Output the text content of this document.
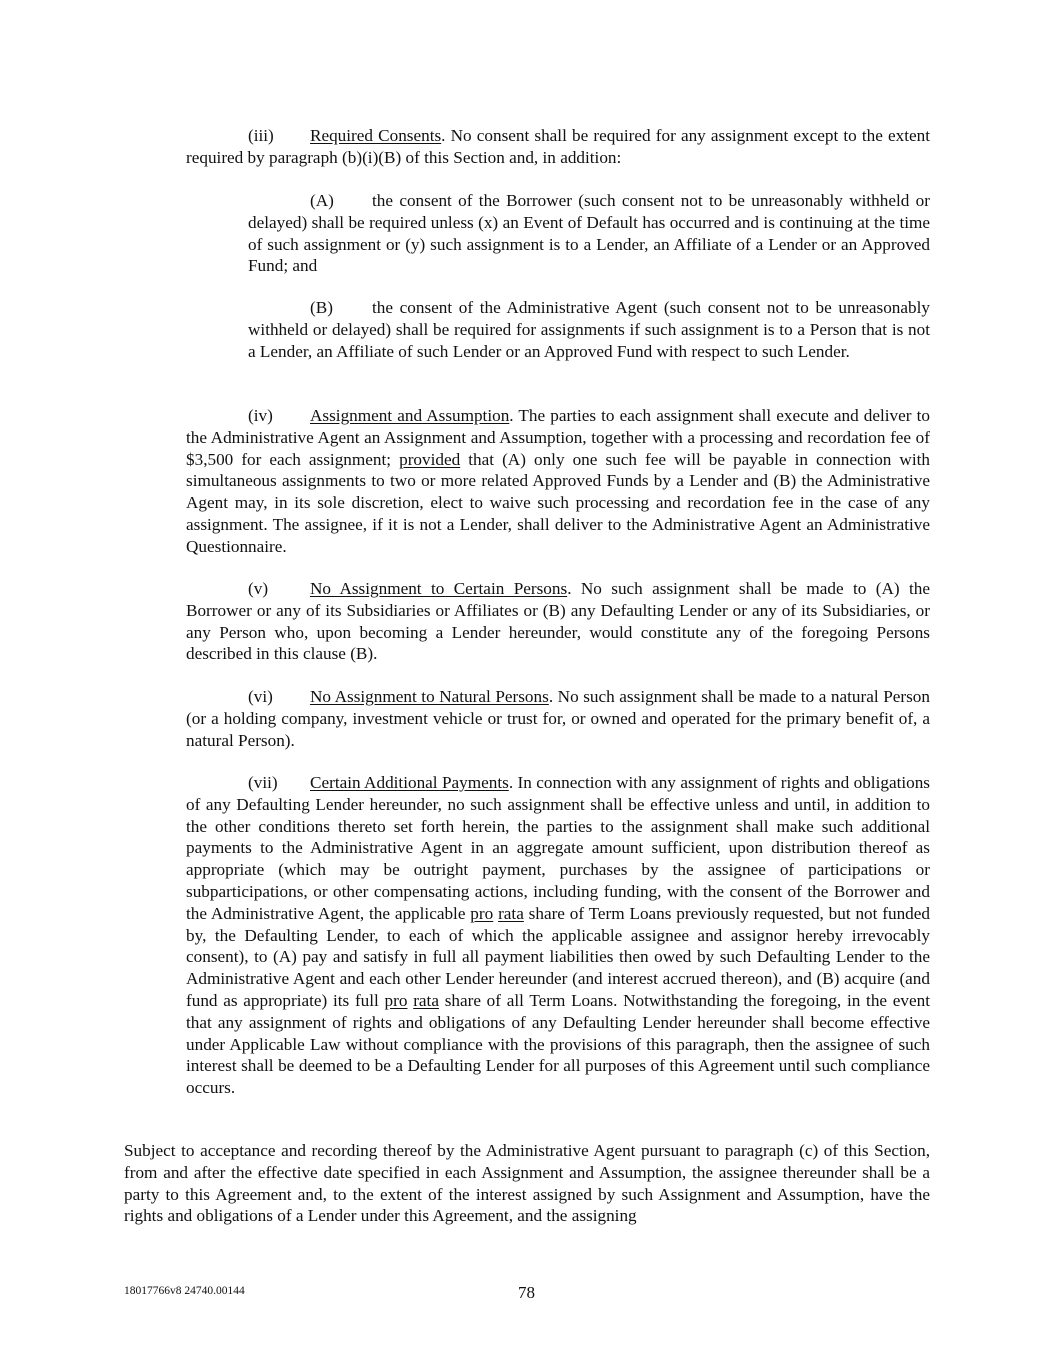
(iii) Required Consents. No consent shall be required for any assignment except to the extent required by paragraph (b)(i)(B) of this Section and, in addition:

(A) the consent of the Borrower (such consent not to be unreasonably withheld or delayed) shall be required unless (x) an Event of Default has occurred and is continuing at the time of such assignment or (y) such assignment is to a Lender, an Affiliate of a Lender or an Approved Fund; and

(B) the consent of the Administrative Agent (such consent not to be unreasonably withheld or delayed) shall be required for assignments if such assignment is to a Person that is not a Lender, an Affiliate of such Lender or an Approved Fund with respect to such Lender.

(iv) Assignment and Assumption. The parties to each assignment shall execute and deliver to the Administrative Agent an Assignment and Assumption, together with a processing and recordation fee of $3,500 for each assignment; provided that (A) only one such fee will be payable in connection with simultaneous assignments to two or more related Approved Funds by a Lender and (B) the Administrative Agent may, in its sole discretion, elect to waive such processing and recordation fee in the case of any assignment. The assignee, if it is not a Lender, shall deliver to the Administrative Agent an Administrative Questionnaire.

(v) No Assignment to Certain Persons. No such assignment shall be made to (A) the Borrower or any of its Subsidiaries or Affiliates or (B) any Defaulting Lender or any of its Subsidiaries, or any Person who, upon becoming a Lender hereunder, would constitute any of the foregoing Persons described in this clause (B).

(vi) No Assignment to Natural Persons. No such assignment shall be made to a natural Person (or a holding company, investment vehicle or trust for, or owned and operated for the primary benefit of, a natural Person).

(vii) Certain Additional Payments. In connection with any assignment of rights and obligations of any Defaulting Lender hereunder, no such assignment shall be effective unless and until, in addition to the other conditions thereto set forth herein, the parties to the assignment shall make such additional payments to the Administrative Agent in an aggregate amount sufficient, upon distribution thereof as appropriate (which may be outright payment, purchases by the assignee of participations or subparticipations, or other compensating actions, including funding, with the consent of the Borrower and the Administrative Agent, the applicable pro rata share of Term Loans previously requested, but not funded by, the Defaulting Lender, to each of which the applicable assignee and assignor hereby irrevocably consent), to (A) pay and satisfy in full all payment liabilities then owed by such Defaulting Lender to the Administrative Agent and each other Lender hereunder (and interest accrued thereon), and (B) acquire (and fund as appropriate) its full pro rata share of all Term Loans. Notwithstanding the foregoing, in the event that any assignment of rights and obligations of any Defaulting Lender hereunder shall become effective under Applicable Law without compliance with the provisions of this paragraph, then the assignee of such interest shall be deemed to be a Defaulting Lender for all purposes of this Agreement until such compliance occurs.

Subject to acceptance and recording thereof by the Administrative Agent pursuant to paragraph (c) of this Section, from and after the effective date specified in each Assignment and Assumption, the assignee thereunder shall be a party to this Agreement and, to the extent of the interest assigned by such Assignment and Assumption, have the rights and obligations of a Lender under this Agreement, and the assigning

18017766v8 24740.00144	78
